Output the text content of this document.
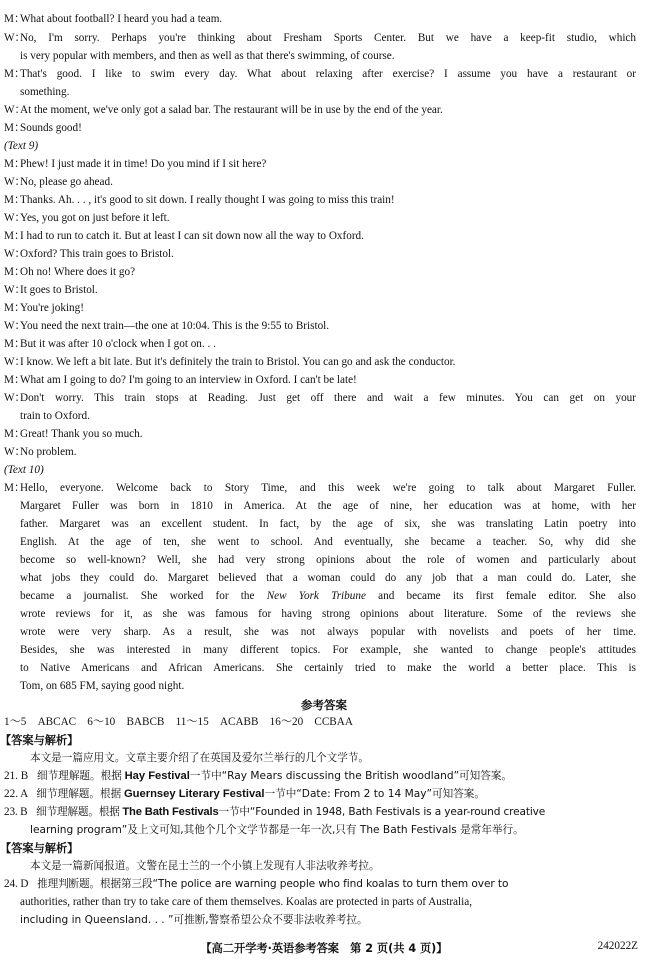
M：
What about football? I heard you had a team.
W：
No, I'm sorry. Perhaps you're thinking about Fresham Sports Center. But we have a keep-fit studio, which
is very popular with members, and then as well as that there's swimming, of course.
M：
That's good. I like to swim every day. What about relaxing after exercise? I assume you have a restaurant or
something.
W：
At the moment, we've only got a salad bar. The restaurant will be in use by the end of the year.
M：
Sounds good!
(Text 9)
M：
Phew! I just made it in time! Do you mind if I sit here?
W：
No, please go ahead.
M：
Thanks. Ah. . . , it's good to sit down. I really thought I was going to miss this train!
W：
Yes, you got on just before it left.
M：
I had to run to catch it. But at least I can sit down now all the way to Oxford.
W：
Oxford? This train goes to Bristol.
M：
Oh no! Where does it go?
W：
It goes to Bristol.
M：
You're joking!
W：
You need the next train—the one at 10:04. This is the 9:55 to Bristol.
M：
But it was after 10 o'clock when I got on. . .
W：
I know. We left a bit late. But it's definitely the train to Bristol. You can go and ask the conductor.
M：
What am I going to do? I'm going to an interview in Oxford. I can't be late!
W：
Don't worry. This train stops at Reading. Just get off there and wait a few minutes. You can get on your
train to Oxford.
M：
Great! Thank you so much.
W：
No problem.
(Text 10)
M：
Hello, everyone. Welcome back to Story Time, and this week we're going to talk about Margaret Fuller.
Margaret Fuller was born in 1810 in America. At the age of nine, her education was at home, with her
father. Margaret was an excellent student. In fact, by the age of six, she was translating Latin poetry into
English. At the age of ten, she went to school. And eventually, she became a teacher. So, why did she
become so well-known? Well, she had very strong opinions about the role of women and particularly about
what jobs they could do. Margaret believed that a woman could do any job that a man could do. Later, she
became a journalist. She worked for the New York Tribune and became its first female editor. She also
wrote reviews for it, as she was famous for having strong opinions about literature. Some of the reviews she
wrote were very sharp. As a result, she was not always popular with novelists and poets of her time.
Besides, she was interested in many different topics. For example, she wanted to change people's attitudes
to Native Americans and African Americans. She certainly tried to make the world a better place. This is
Tom, on 685 FM, saying good night.
参考答案
1～5　ABCAC　6～10　BABCB　11～15　ACABB　16～20　CCBAA
【答案与解析】
本文是一篇应用文。文章主要介绍了在英国及爱尔兰举行的几个文学节。
21. B 细节理解题。根据 Hay Festival一节中“Ray Mears discussing the British woodland”可知答案。
22. A 细节理解题。根据 Guernsey Literary Festival一节中“Date: From 2 to 14 May”可知答案。
23. B 细节理解题。根据 The Bath Festivals一节中“Founded in 1948, Bath Festivals is a year-round creative
learning program”及上文可知,其他个几个文学节都是一年一次,只有 The Bath Festivals 是常年举行。
【答案与解析】
本文是一篇新闻报道。文警在昆士兰的一个小镇上发现有人非法收养考拉。
24. D 推理判断题。根据第三段“The police are warning people who find koalas to turn them over to
authorities, rather than try to take care of them themselves. Koalas are protected in parts of Australia,
including in Queensland. . . ”可推断,警察希望公众不要非法收养考拉。
【高二开学考·英语参考答案　第 2 页(共 4 页)】	242022Z
